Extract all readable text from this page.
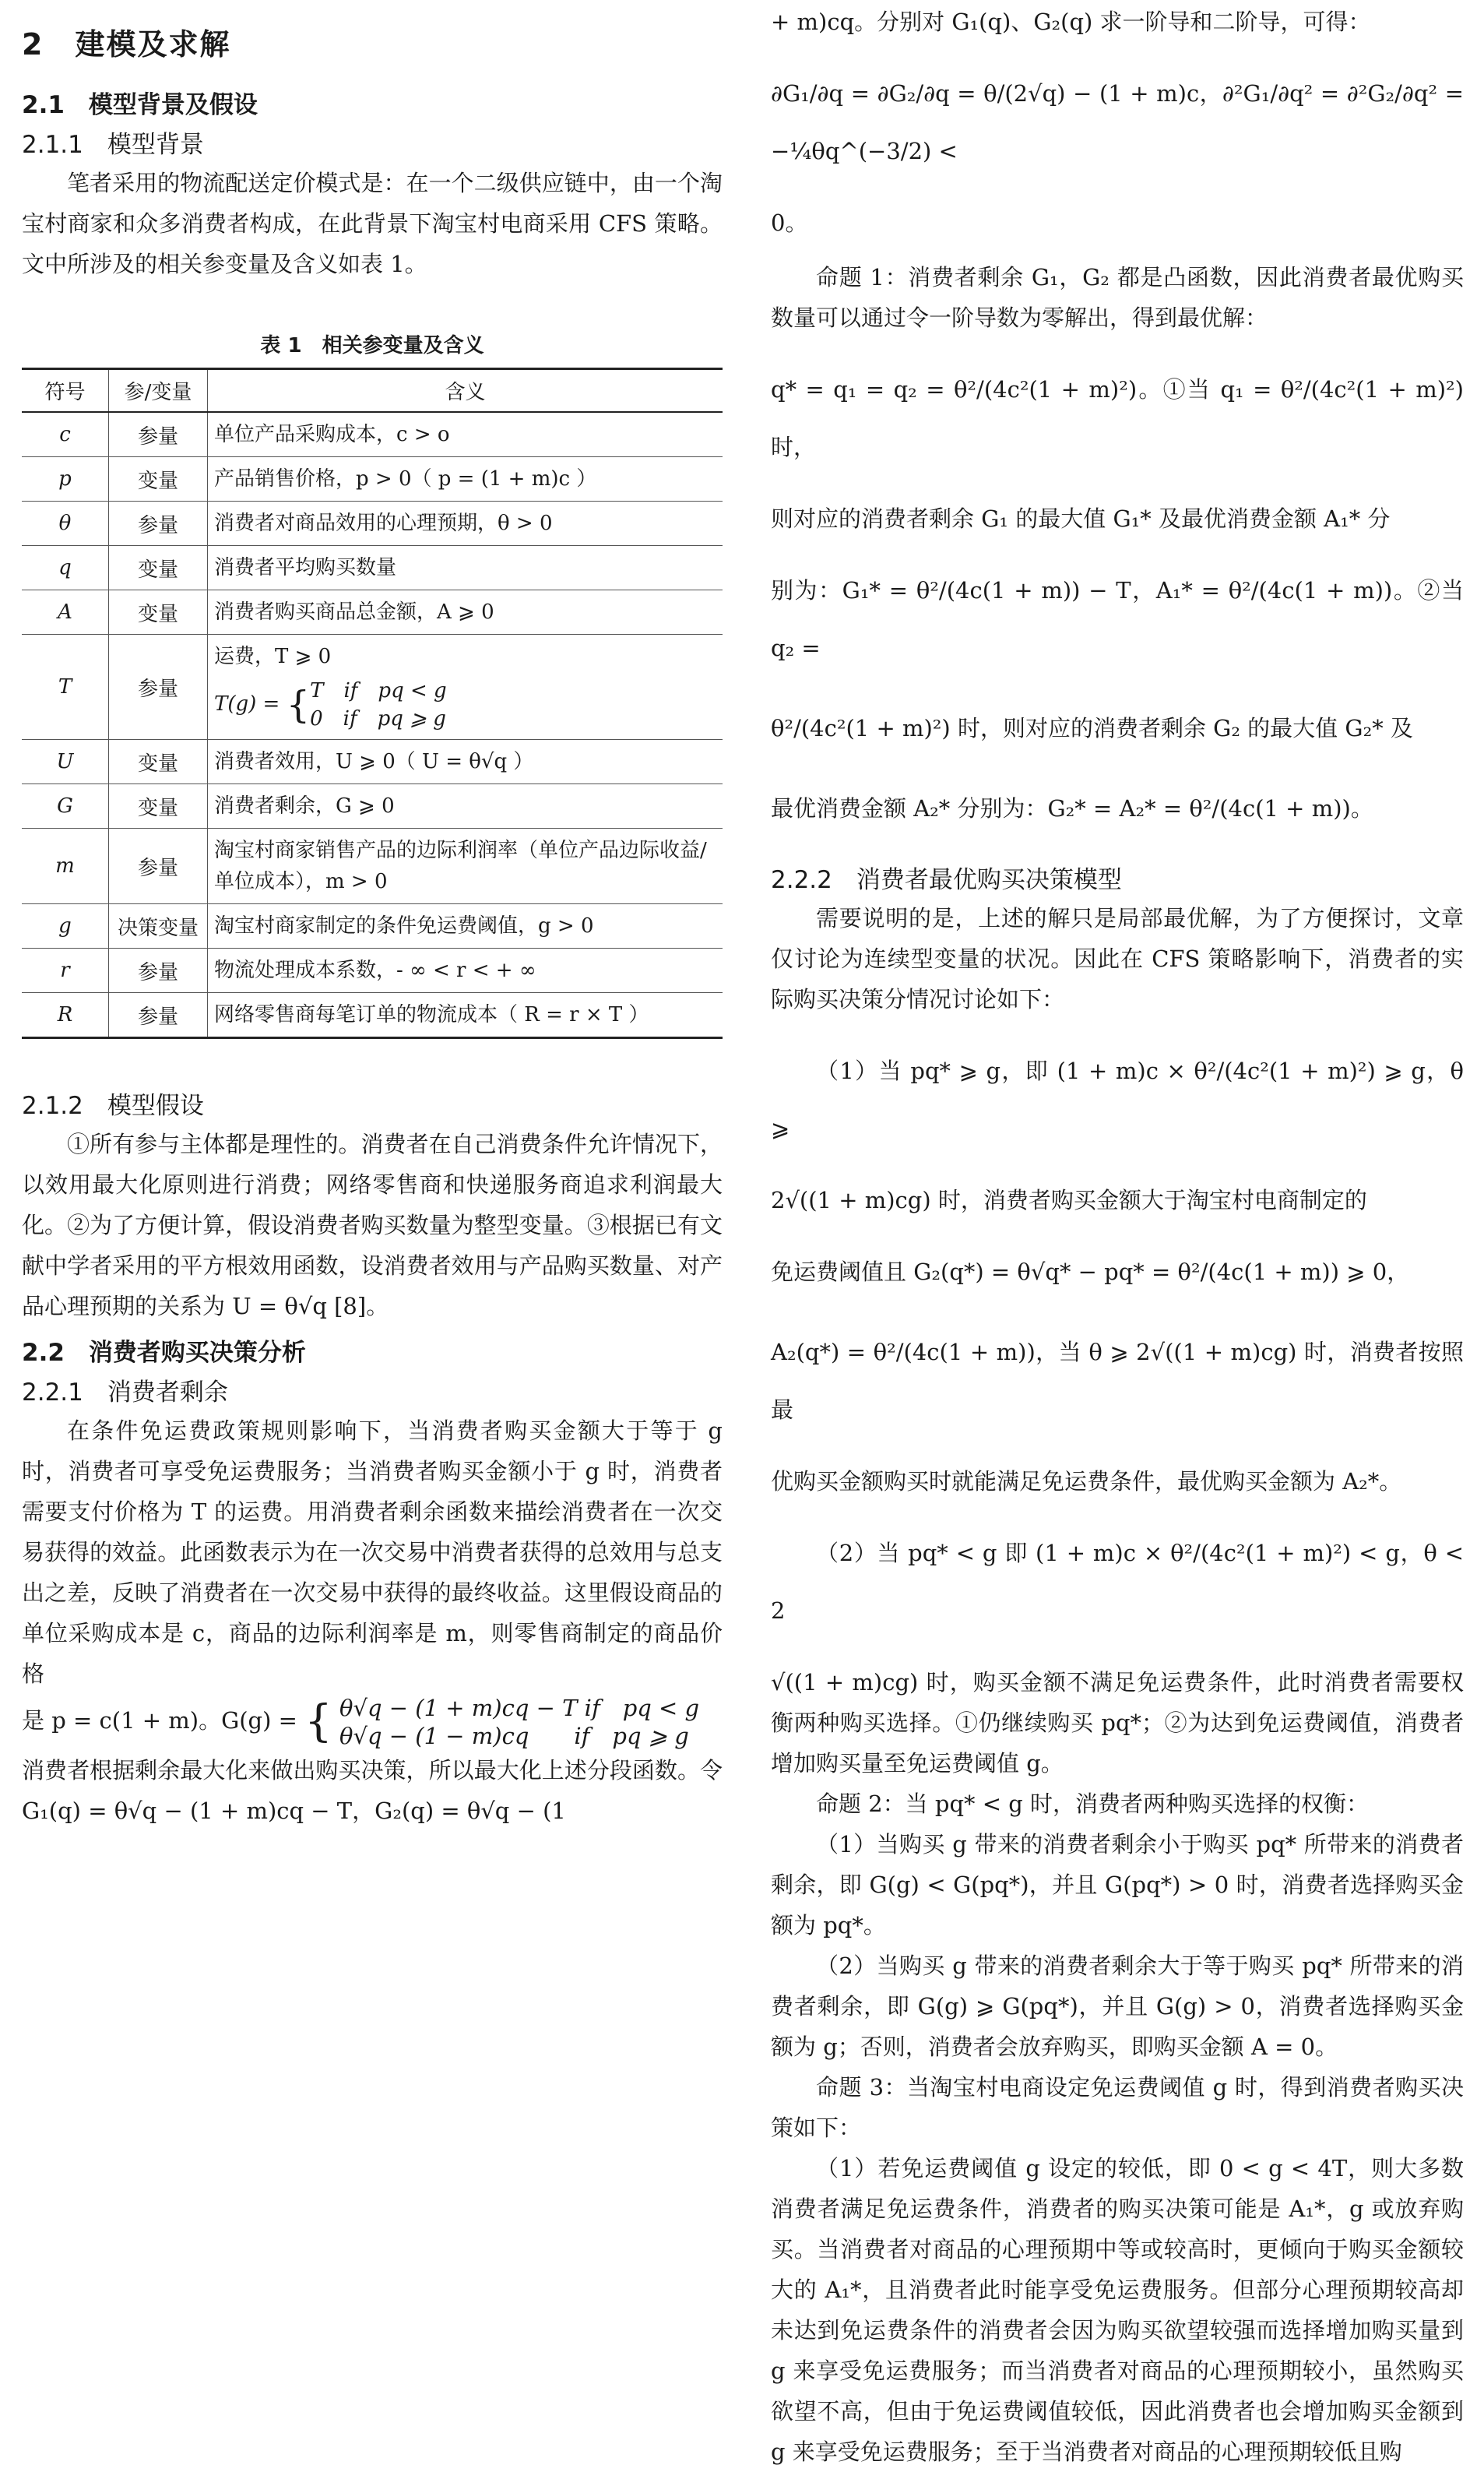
2　建模及求解
2.1　模型背景及假设
2.1.1　模型背景

笔者采用的物流配送定价模式是：在一个二级供应链中，由一个淘宝村商家和众多消费者构成，在此背景下淘宝村电商采用 CFS 策略。文中所涉及的相关参变量及含义如表 1。

表 1　相关参变量及含义
符号	参/变量	含义
c	参量	单位产品采购成本，c > o
p	变量	产品销售价格，p > 0（ p = (1 + m)c ）
θ	参量	消费者对商品效用的心理预期，θ > 0
q	变量	消费者平均购买数量
A	变量	消费者购买商品总金额，A ⩾ 0
T	参量	运费，T ⩾ 0
T(g) = { T　if　pq < g
0　if　pq ⩾ g

U	变量	消费者效用，U ⩾ 0（ U = θ√q ）
G	变量	消费者剩余，G ⩾ 0
m	参量	淘宝村商家销售产品的边际利润率（单位产品边际收益/单位成本），m > 0
g	决策变量	淘宝村商家制定的条件免运费阈值，g > 0
r	参量	物流处理成本系数，- ∞ < r < + ∞
R	参量	网络零售商每笔订单的物流成本（ R = r × T ）
2.1.2　模型假设

①所有参与主体都是理性的。消费者在自己消费条件允许情况下，以效用最大化原则进行消费；网络零售商和快递服务商追求利润最大化。②为了方便计算，假设消费者购买数量为整型变量。③根据已有文献中学者采用的平方根效用函数，设消费者效用与产品购买数量、对产品心理预期的关系为 U = θ√q [8]。

2.2　消费者购买决策分析
2.2.1　消费者剩余

在条件免运费政策规则影响下，当消费者购买金额大于等于 g 时，消费者可享受免运费服务；当消费者购买金额小于 g 时，消费者需要支付价格为 T 的运费。用消费者剩余函数来描绘消费者在一次交易获得的效益。此函数表示为在一次交易中消费者获得的总效用与总支出之差，反映了消费者在一次交易中获得的最终收益。这里假设商品的单位采购成本是 c，商品的边际利润率是 m，则零售商制定的商品价格

是 p = c(1 + m)。G(g) = { θ√q − (1 + m)cq − T if　pq < g
θ√q − (1 − m)cq　　if　pq ⩾ g

消费者根据剩余最大化来做出购买决策，所以最大化上述分段函数。令 G₁(q) = θ√q − (1 + m)cq − T，G₂(q) = θ√q − (1

+ m)cq。分别对 G₁(q)、G₂(q) 求一阶导和二阶导，可得：

∂G₁/∂q = ∂G₂/∂q = θ/(2√q) − (1 + m)c，∂²G₁/∂q² = ∂²G₂/∂q² = −¼θq^(−3/2) <

0。

命题 1：消费者剩余 G₁，G₂ 都是凸函数，因此消费者最优购买数量可以通过令一阶导数为零解出，得到最优解：

q* = q₁ = q₂ = θ²/(4c²(1 + m)²)。①当 q₁ = θ²/(4c²(1 + m)²) 时，

则对应的消费者剩余 G₁ 的最大值 G₁* 及最优消费金额 A₁* 分

别为：G₁* = θ²/(4c(1 + m)) − T，A₁* = θ²/(4c(1 + m))。②当 q₂ =

θ²/(4c²(1 + m)²) 时，则对应的消费者剩余 G₂ 的最大值 G₂* 及

最优消费金额 A₂* 分别为：G₂* = A₂* = θ²/(4c(1 + m))。

2.2.2　消费者最优购买决策模型

需要说明的是，上述的解只是局部最优解，为了方便探讨，文章仅讨论为连续型变量的状况。因此在 CFS 策略影响下，消费者的实际购买决策分情况讨论如下：

（1）当 pq* ⩾ g，即 (1 + m)c × θ²/(4c²(1 + m)²) ⩾ g，θ ⩾

2√((1 + m)cg) 时，消费者购买金额大于淘宝村电商制定的

免运费阈值且 G₂(q*) = θ√q* − pq* = θ²/(4c(1 + m)) ⩾ 0，

A₂(q*) = θ²/(4c(1 + m))，当 θ ⩾ 2√((1 + m)cg) 时，消费者按照最

优购买金额购买时就能满足免运费条件，最优购买金额为 A₂*。

（2）当 pq* < g 即 (1 + m)c × θ²/(4c²(1 + m)²) < g，θ < 2

√((1 + m)cg) 时，购买金额不满足免运费条件，此时消费者需要权衡两种购买选择。①仍继续购买 pq*；②为达到免运费阈值，消费者增加购买量至免运费阈值 g。

命题 2：当 pq* < g 时，消费者两种购买选择的权衡：

（1）当购买 g 带来的消费者剩余小于购买 pq* 所带来的消费者剩余，即 G(g) < G(pq*)，并且 G(pq*) > 0 时，消费者选择购买金额为 pq*。

（2）当购买 g 带来的消费者剩余大于等于购买 pq* 所带来的消费者剩余，即 G(g) ⩾ G(pq*)，并且 G(g) > 0，消费者选择购买金额为 g；否则，消费者会放弃购买，即购买金额 A = 0。

命题 3：当淘宝村电商设定免运费阈值 g 时，得到消费者购买决策如下：

（1）若免运费阈值 g 设定的较低，即 0 < g < 4T，则大多数消费者满足免运费条件，消费者的购买决策可能是 A₁*，g 或放弃购买。当消费者对商品的心理预期中等或较高时，更倾向于购买金额较大的 A₁*，且消费者此时能享受免运费服务。但部分心理预期较高却未达到免运费条件的消费者会因为购买欲望较强而选择增加购买量到 g 来享受免运费服务；而当消费者对商品的心理预期较小，虽然购买欲望不高，但由于免运费阈值较低，因此消费者也会增加购买金额到 g 来享受免运费服务；至于当消费者对商品的心理预期较低且购
